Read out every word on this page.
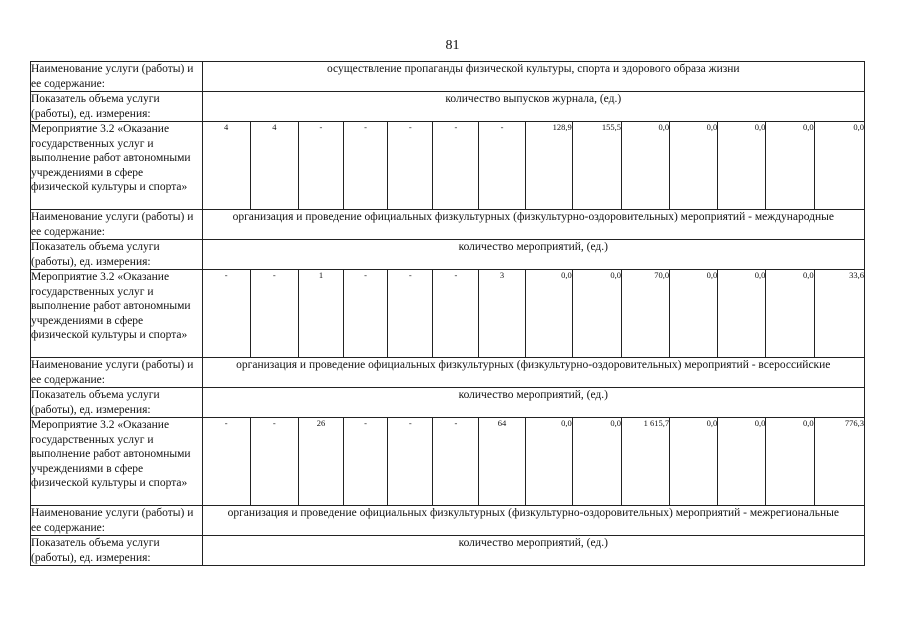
81
Наименование услуги (работы) и ее содержание:	осуществление пропаганды физической культуры, спорта и здорового образа жизни													
Показатель объема услуги (работы), ед. измерения:	количество выпусков журнала, (ед.)													
Мероприятие 3.2 «Оказание государственных услуг и выполнение работ автономными учреждениями в сфере физической культуры и спорта»	4	4	-	-	-	-	-	128,9	155,5	0,0	0,0	0,0	0,0	0,0
Наименование услуги (работы) и ее содержание:	организация и проведение официальных физкультурных (физкультурно-оздоровительных) мероприятий - международные													
Показатель объема услуги (работы), ед. измерения:	количество мероприятий, (ед.)													
Мероприятие 3.2 «Оказание государственных услуг и выполнение работ автономными учреждениями в сфере физической культуры и спорта»	-	-	1	-	-	-	3	0,0	0,0	70,0	0,0	0,0	0,0	33,6
Наименование услуги (работы) и ее содержание:	организация и проведение официальных физкультурных (физкультурно-оздоровительных) мероприятий - всероссийские													
Показатель объема услуги (работы), ед. измерения:	количество мероприятий, (ед.)													
Мероприятие 3.2 «Оказание государственных услуг и выполнение работ автономными учреждениями в сфере физической культуры и спорта»	-	-	26	-	-	-	64	0,0	0,0	1 615,7	0,0	0,0	0,0	776,3
Наименование услуги (работы) и ее содержание:	организация и проведение официальных физкультурных (физкультурно-оздоровительных) мероприятий - межрегиональные													
Показатель объема услуги (работы), ед. измерения:	количество мероприятий, (ед.)													
